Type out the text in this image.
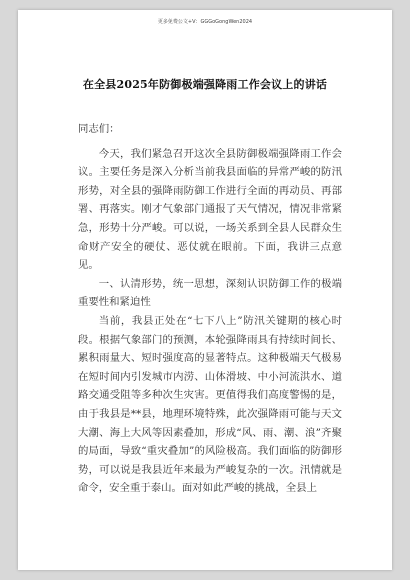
更多免费公文+V：GGGoGongWen2024
在全县2025年防御极端强降雨工作会议上的讲话

同志们：

今天，我们紧急召开这次全县防御极端强降雨工作会议。主要任务是深入分析当前我县面临的异常严峻的防汛形势，对全县的强降雨防御工作进行全面的再动员、再部署、再落实。刚才气象部门通报了天气情况，情况非常紧急，形势十分严峻。可以说，一场关系到全县人民群众生命财产安全的硬仗、恶仗就在眼前。下面，我讲三点意见。

一、认清形势，统一思想，深刻认识防御工作的极端重要性和紧迫性

当前，我县正处在“七下八上”防汛关键期的核心时段。根据气象部门的预测，本轮强降雨具有持续时间长、累积雨量大、短时强度高的显著特点。这种极端天气极易在短时间内引发城市内涝、山体滑坡、中小河流洪水、道路交通受阻等多种次生灾害。更值得我们高度警惕的是，由于我县是**县，地理环境特殊，此次强降雨可能与天文大潮、海上大风等因素叠加，形成“风、雨、潮、浪”齐聚的局面，导致“重灾叠加”的风险极高。我们面临的防御形势，可以说是我县近年来最为严峻复杂的一次。汛情就是命令，安全重于泰山。面对如此严峻的挑战，全县上
